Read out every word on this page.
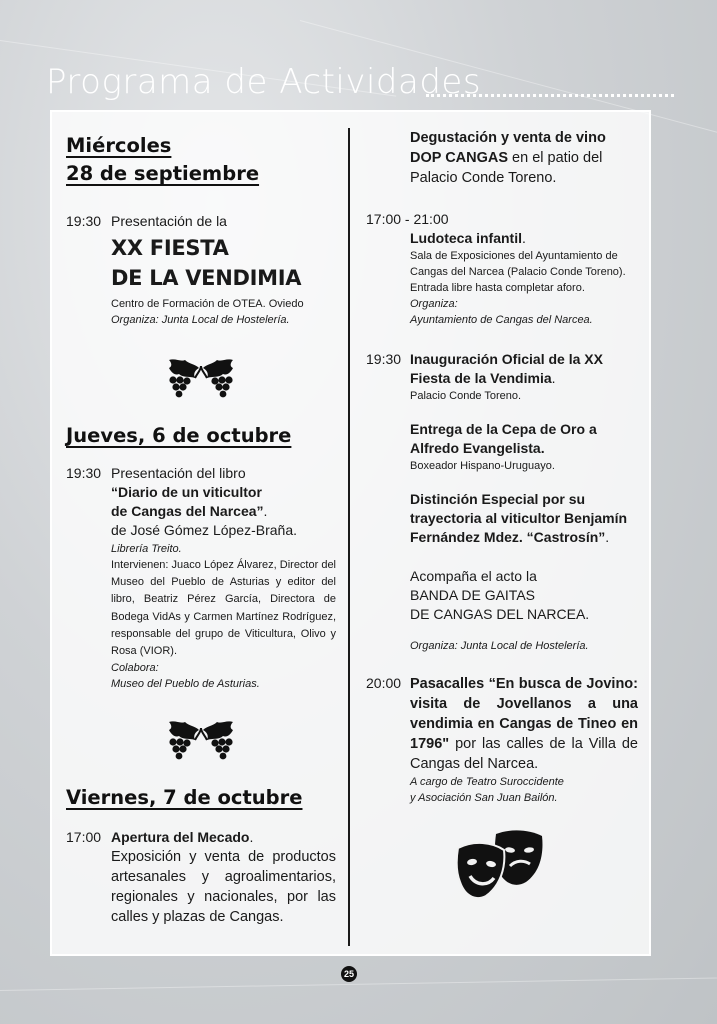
Programa de Actividades
Miércoles
28 de septiembre
19:30 Presentación de la
XX FIESTA
DE LA VENDIMIA
Centro de Formación de OTEA. Oviedo
Organiza: Junta Local de Hostelería.
Jueves, 6 de octubre
19:30 Presentación del libro
“Diario de un viticultor
de Cangas del Narcea”.
de José Gómez López-Braña.
Librería Treito.
Intervienen: Juaco López Álvarez, Director del Museo del Pueblo de Asturias y editor del libro, Beatriz Pérez García, Directora de Bodega VidAs y Carmen Martínez Rodríguez, responsable del grupo de Viticultura, Olivo y Rosa (VIOR).
Colabora:
Museo del Pueblo de Asturias.
Viernes, 7 de octubre
17:00 Apertura del Mecado.
Exposición y venta de productos artesanales y agroalimentarios, regionales y nacionales, por las calles y plazas de Cangas.
Degustación y venta de vino DOP CANGAS en el patio del Palacio Conde Toreno.
17:00 - 21:00
Ludoteca infantil.
Sala de Exposiciones del Ayuntamiento de Cangas del Narcea (Palacio Conde Toreno).
Entrada libre hasta completar aforo.
Organiza:
Ayuntamiento de Cangas del Narcea.
19:30 Inauguración Oficial de la XX Fiesta de la Vendimia.
Palacio Conde Toreno.
Entrega de la Cepa de Oro a Alfredo Evangelista.
Boxeador Hispano-Uruguayo.
Distinción Especial por su trayectoria al viticultor Benjamín Fernández Mdez. “Castrosín”.
Acompaña el acto la
BANDA DE GAITAS
DE CANGAS DEL NARCEA.
Organiza: Junta Local de Hostelería.
20:00 Pasacalles “En busca de Jovino: visita de Jovellanos a una vendimia en Cangas de Tineo en 1796" por las calles de la Villa de Cangas del Narcea.
A cargo de Teatro Suroccidente
y Asociación San Juan Bailón.
25
